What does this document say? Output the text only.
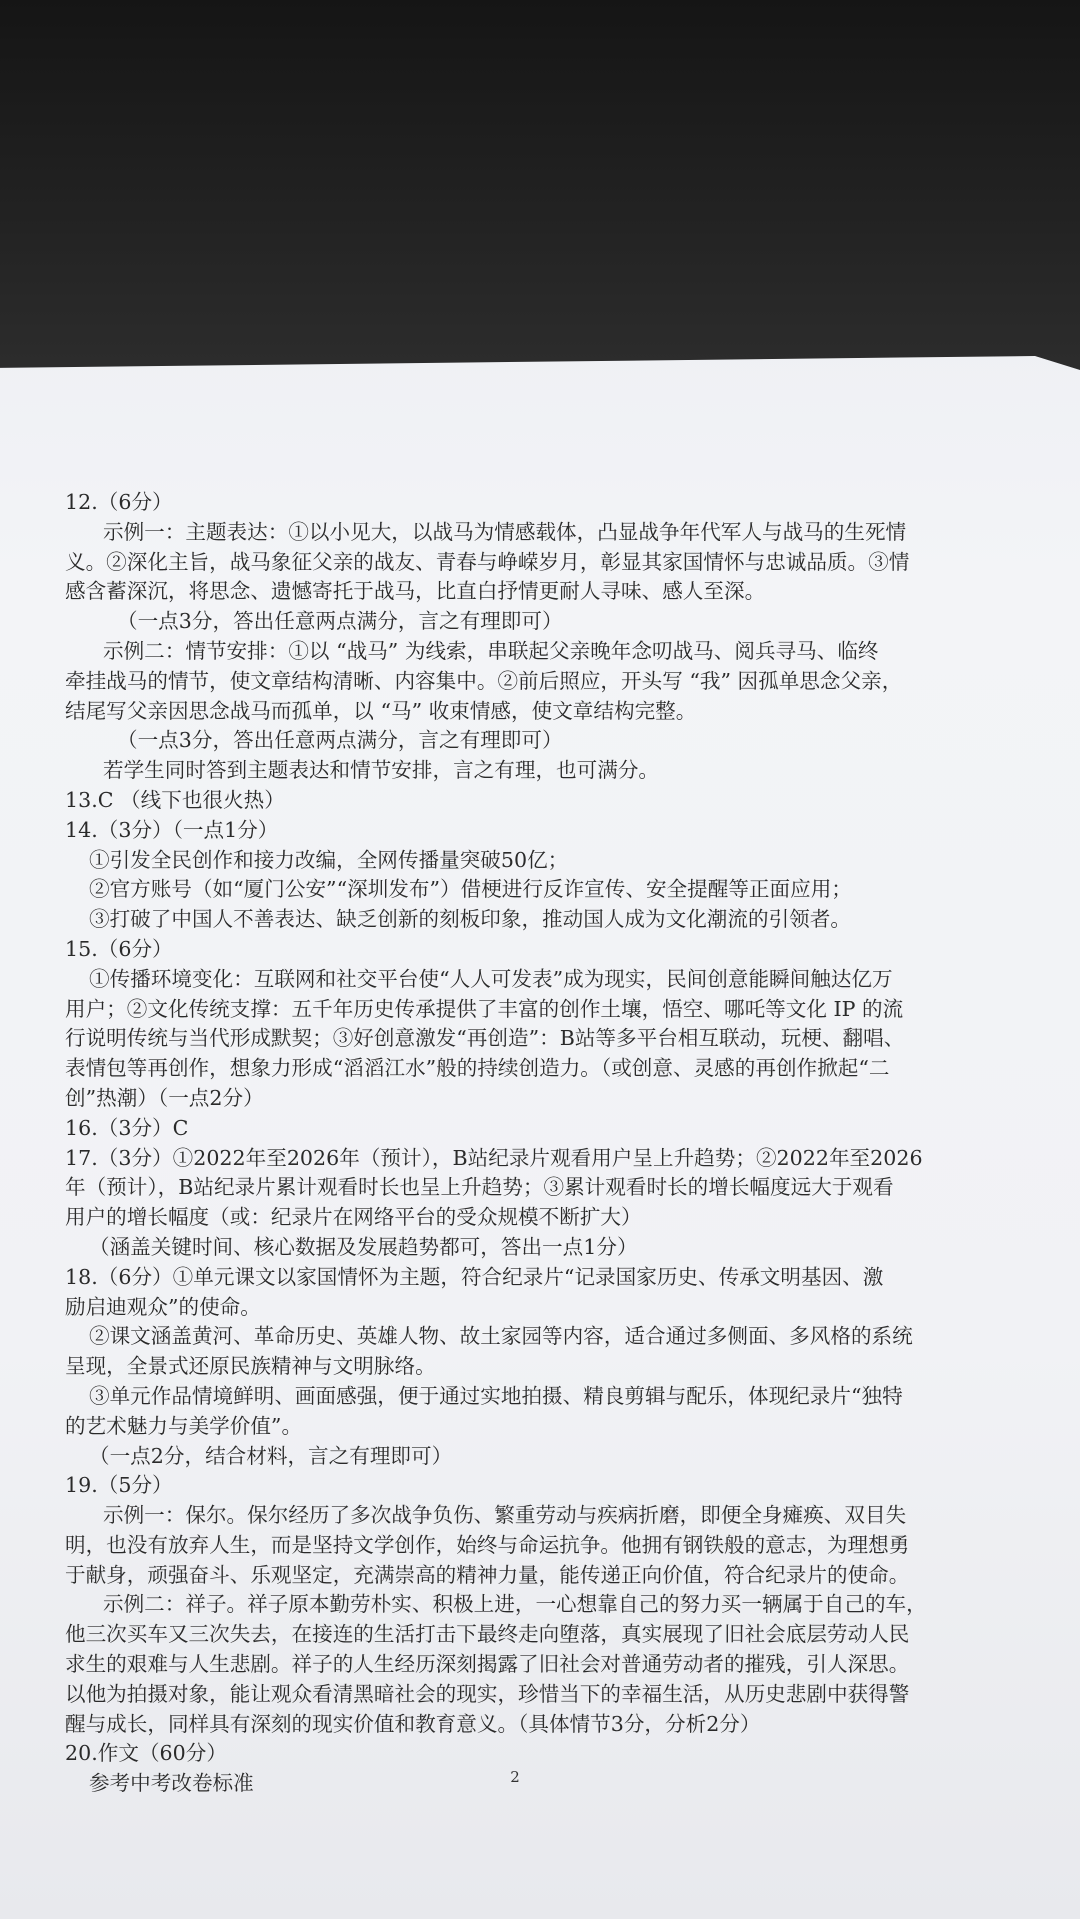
12.（6分）
示例一：主题表达：①以小见大，以战马为情感载体，凸显战争年代军人与战马的生死情
义。②深化主旨，战马象征父亲的战友、青春与峥嵘岁月，彰显其家国情怀与忠诚品质。③情
感含蓄深沉，将思念、遗憾寄托于战马，比直白抒情更耐人寻味、感人至深。
（一点3分，答出任意两点满分，言之有理即可）
示例二：情节安排：①以 “战马” 为线索，串联起父亲晚年念叨战马、阅兵寻马、临终
牵挂战马的情节，使文章结构清晰、内容集中。②前后照应，开头写 “我” 因孤单思念父亲，
结尾写父亲因思念战马而孤单，以 “马” 收束情感，使文章结构完整。
（一点3分，答出任意两点满分，言之有理即可）
若学生同时答到主题表达和情节安排，言之有理，也可满分。
13.C （线下也很火热）
14.（3分）（一点1分）
①引发全民创作和接力改编，全网传播量突破50亿；
②官方账号（如“厦门公安”“深圳发布”）借梗进行反诈宣传、安全提醒等正面应用；
③打破了中国人不善表达、缺乏创新的刻板印象，推动国人成为文化潮流的引领者。
15.（6分）
①传播环境变化：互联网和社交平台使“人人可发表”成为现实，民间创意能瞬间触达亿万
用户；②文化传统支撑：五千年历史传承提供了丰富的创作土壤，悟空、哪吒等文化 IP 的流
行说明传统与当代形成默契；③好创意激发“再创造”：B站等多平台相互联动，玩梗、翻唱、
表情包等再创作，想象力形成“滔滔江水”般的持续创造力。（或创意、灵感的再创作掀起“二
创”热潮）（一点2分）
16.（3分）C
17.（3分）①2022年至2026年（预计），B站纪录片观看用户呈上升趋势；②2022年至2026
年（预计），B站纪录片累计观看时长也呈上升趋势；③累计观看时长的增长幅度远大于观看
用户的增长幅度（或：纪录片在网络平台的受众规模不断扩大）
（涵盖关键时间、核心数据及发展趋势都可，答出一点1分）
18.（6分）①单元课文以家国情怀为主题，符合纪录片“记录国家历史、传承文明基因、激
励启迪观众”的使命。
②课文涵盖黄河、革命历史、英雄人物、故土家园等内容，适合通过多侧面、多风格的系统
呈现，全景式还原民族精神与文明脉络。
③单元作品情境鲜明、画面感强，便于通过实地拍摄、精良剪辑与配乐，体现纪录片“独特
的艺术魅力与美学价值”。
（一点2分，结合材料，言之有理即可）
19.（5分）
示例一：保尔。保尔经历了多次战争负伤、繁重劳动与疾病折磨，即便全身瘫痪、双目失
明，也没有放弃人生，而是坚持文学创作，始终与命运抗争。他拥有钢铁般的意志，为理想勇
于献身，顽强奋斗、乐观坚定，充满崇高的精神力量，能传递正向价值，符合纪录片的使命。
示例二：祥子。祥子原本勤劳朴实、积极上进，一心想靠自己的努力买一辆属于自己的车，
他三次买车又三次失去，在接连的生活打击下最终走向堕落，真实展现了旧社会底层劳动人民
求生的艰难与人生悲剧。祥子的人生经历深刻揭露了旧社会对普通劳动者的摧残，引人深思。
以他为拍摄对象，能让观众看清黑暗社会的现实，珍惜当下的幸福生活，从历史悲剧中获得警
醒与成长，同样具有深刻的现实价值和教育意义。（具体情节3分，分析2分）
20.作文（60分）
参考中考改卷标准	2
